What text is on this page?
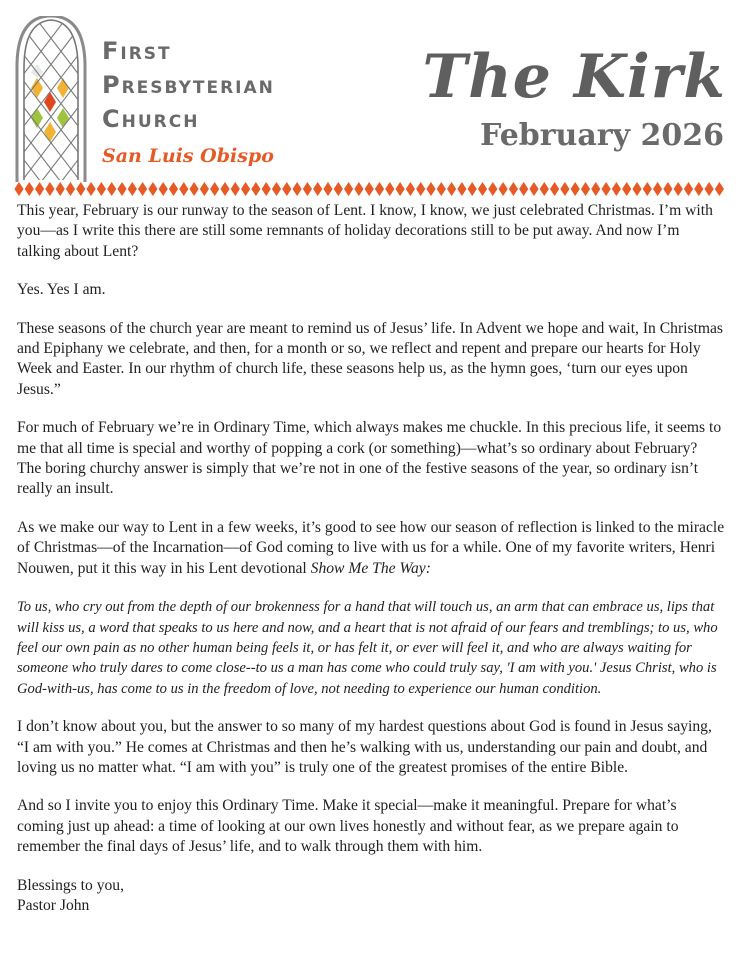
First
Presbyterian
Church
San Luis Obispo
The Kirk
February 2026

This year, February is our runway to the season of Lent. I know, I know, we just celebrated Christmas. I’m with you—as I write this there are still some remnants of holiday decorations still to be put away. And now I’m talking about Lent?

Yes. Yes I am.

These seasons of the church year are meant to remind us of Jesus’ life. In Advent we hope and wait, In Christmas and Epiphany we celebrate, and then, for a month or so, we reflect and repent and prepare our hearts for Holy Week and Easter. In our rhythm of church life, these seasons help us, as the hymn goes, ‘turn our eyes upon Jesus.”

For much of February we’re in Ordinary Time, which always makes me chuckle. In this precious life, it seems to me that all time is special and worthy of popping a cork (or something)—what’s so ordinary about February? The boring churchy answer is simply that we’re not in one of the festive seasons of the year, so ordinary isn’t really an insult.

As we make our way to Lent in a few weeks, it’s good to see how our season of reflection is linked to the miracle of Christmas—of the Incarnation—of God coming to live with us for a while. One of my favorite writers, Henri Nouwen, put it this way in his Lent devotional Show Me The Way:

To us, who cry out from the depth of our brokenness for a hand that will touch us, an arm that can embrace us, lips that will kiss us, a word that speaks to us here and now, and a heart that is not afraid of our fears and tremblings; to us, who feel our own pain as no other human being feels it, or has felt it, or ever will feel it, and who are always waiting for someone who truly dares to come close--to us a man has come who could truly say, 'I am with you.' Jesus Christ, who is God-with-us, has come to us in the freedom of love, not needing to experience our human condition.

I don’t know about you, but the answer to so many of my hardest questions about God is found in Jesus saying, “I am with you.” He comes at Christmas and then he’s walking with us, understanding our pain and doubt, and loving us no matter what. “I am with you” is truly one of the greatest promises of the entire Bible.

And so I invite you to enjoy this Ordinary Time. Make it special—make it meaningful. Prepare for what’s coming just up ahead: a time of looking at our own lives honestly and without fear, as we prepare again to remember the final days of Jesus’ life, and to walk through them with him.

Blessings to you,

Pastor John
